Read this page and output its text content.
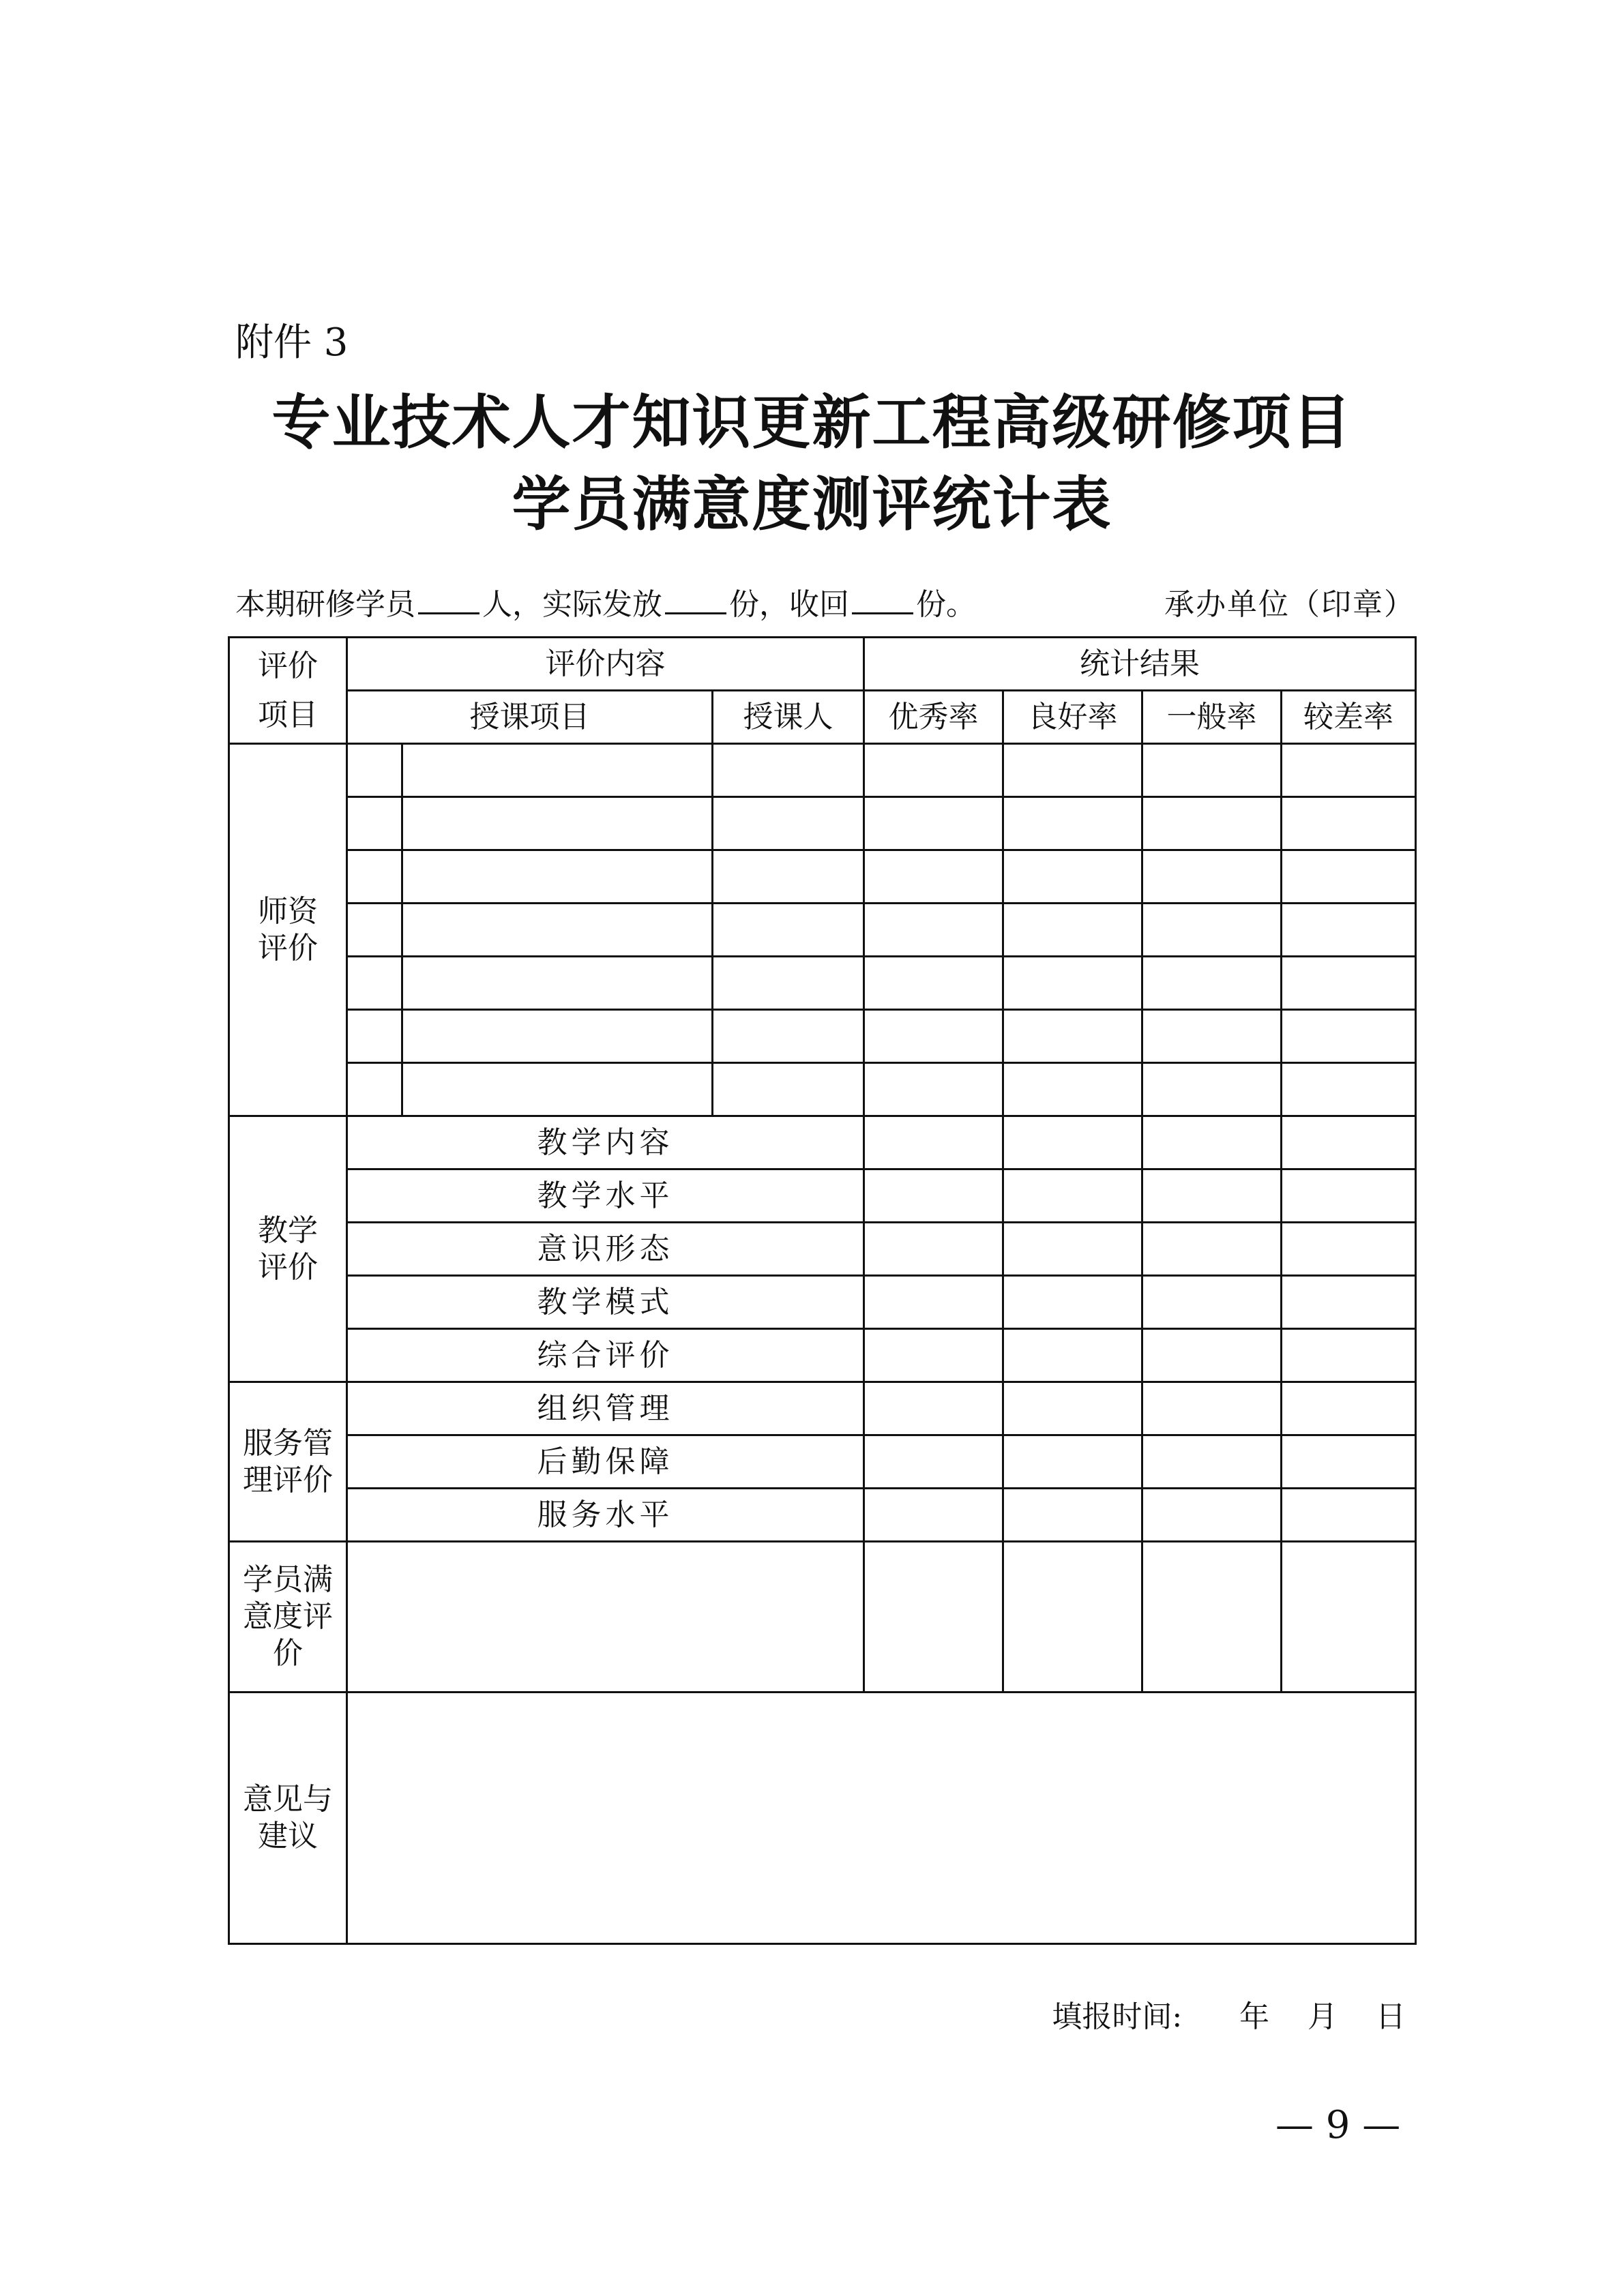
附件 3
专业技术人才知识更新工程高级研修项目
学员满意度测评统计表
本期研修学员 人，实际发放 份，收回 份。	承办单位（印章）
评价项目	评价内容			统计结果			
	授课项目		授课人	优秀率	良好率	一般率	较差率
师资评价							

教学评价	教学内容						
	教学水平						
	意识形态						
	教学模式						
	综合评价						
服务管理评价	组织管理						
	后勤保障						
	服务水平						
学员满意度评价							
意见与建议							
填报时间: 年 月 日
— 9 —
